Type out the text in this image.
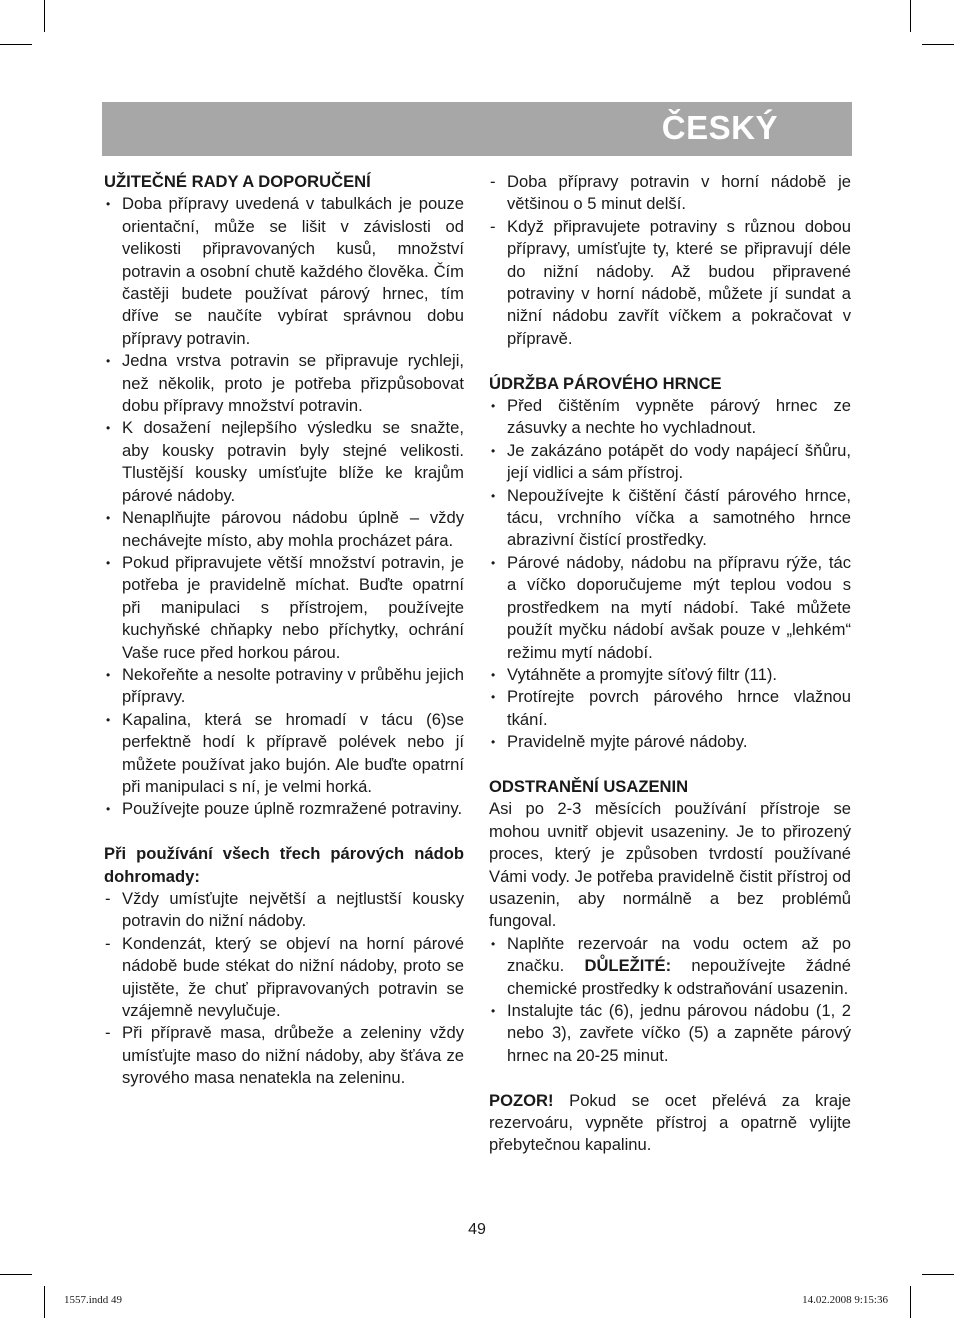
ČESKÝ

UŽITEČNÉ RADY A DOPORUČENÍ

• Doba přípravy uvedená v tabulkách je pouze orientační, může se lišit v závislosti od velikosti připravovaných kusů, množství potravin a osobní chutě každého člověka. Čím častěji budete používat párový hrnec, tím dříve se naučíte vybírat správnou dobu přípravy potravin.
• Jedna vrstva potravin se připravuje rychleji, než několik, proto je potřeba přizpůsobovat dobu přípravy množství potravin.
• K dosažení nejlepšího výsledku se snažte, aby kousky potravin byly stejné velikosti. Tlustější kousky umísťujte blíže ke krajům párové nádoby.
• Nenaplňujte párovou nádobu úplně – vždy nechávejte místo, aby mohla procházet pára.
• Pokud připravujete větší množství potravin, je potřeba je pravidelně míchat. Buďte opatrní při manipulaci s přístrojem, používejte kuchyňské chňapky nebo příchytky, ochrání Vaše ruce před horkou párou.
• Nekořeňte a nesolte potraviny v průběhu jejich přípravy.
• Kapalina, která se hromadí v tácu (6)se perfektně hodí k přípravě polévek nebo jí můžete používat jako bujón. Ale buďte opatrní při manipulaci s ní, je velmi horká.
• Používejte pouze úplně rozmražené potraviny.

Při používání všech třech párových nádob dohromady:

- Vždy umísťujte největší a nejtlustší kousky potravin do nižní nádoby.
- Kondenzát, který se objeví na horní párové nádobě bude stékat do nižní nádoby, proto se ujistěte, že chuť připravovaných potravin se vzájemně nevylučuje.
- Při přípravě masa, drůbeže a zeleniny vždy umísťujte maso do nižní nádoby, aby šťáva ze syrového masa nenatekla na zeleninu.
- Doba přípravy potravin v horní nádobě je většinou o 5 minut delší.
- Když připravujete potraviny s různou dobou přípravy, umísťujte ty, které se připravují déle do nižní nádoby. Až budou připravené potraviny v horní nádobě, můžete jí sundat a nižní nádobu zavřít víčkem a pokračovat v přípravě.

ÚDRŽBA PÁROVÉHO HRNCE

• Před čištěním vypněte párový hrnec ze zásuvky a nechte ho vychladnout.
• Je zakázáno potápět do vody napájecí šňůru, její vidlici a sám přístroj.
• Nepoužívejte k čištění částí párového hrnce, tácu, vrchního víčka a samotného hrnce abrazivní čistící prostředky.
• Párové nádoby, nádobu na přípravu rýže, tác a víčko doporučujeme mýt teplou vodou s prostředkem na mytí nádobí. Také můžete použít myčku nádobí avšak pouze v „lehkém“ režimu mytí nádobí.
• Vytáhněte a promyjte síťový filtr (11).
• Protírejte povrch párového hrnce vlažnou tkání.
• Pravidelně myjte párové nádoby.

ODSTRANĚNÍ USAZENIN

Asi po 2-3 měsících používání přístroje se mohou uvnitř objevit usazeniny. Je to přirozený proces, který je způsoben tvrdostí používané Vámi vody. Je potřeba pravidelně čistit přístroj od usazenin, aby normálně a bez problémů fungoval.

• Naplňte rezervoár na vodu octem až po značku. DŮLEŽITÉ: nepoužívejte žádné chemické prostředky k odstraňování usazenin.
• Instalujte tác (6), jednu párovou nádobu (1, 2 nebo 3), zavřete víčko (5) a zapněte párový hrnec na 20-25 minut.

POZOR! Pokud se ocet přelévá za kraje rezervoáru, vypněte přístroj a opatrně vylijte přebytečnou kapalinu.

49
1557.indd 49	14.02.2008 9:15:36
